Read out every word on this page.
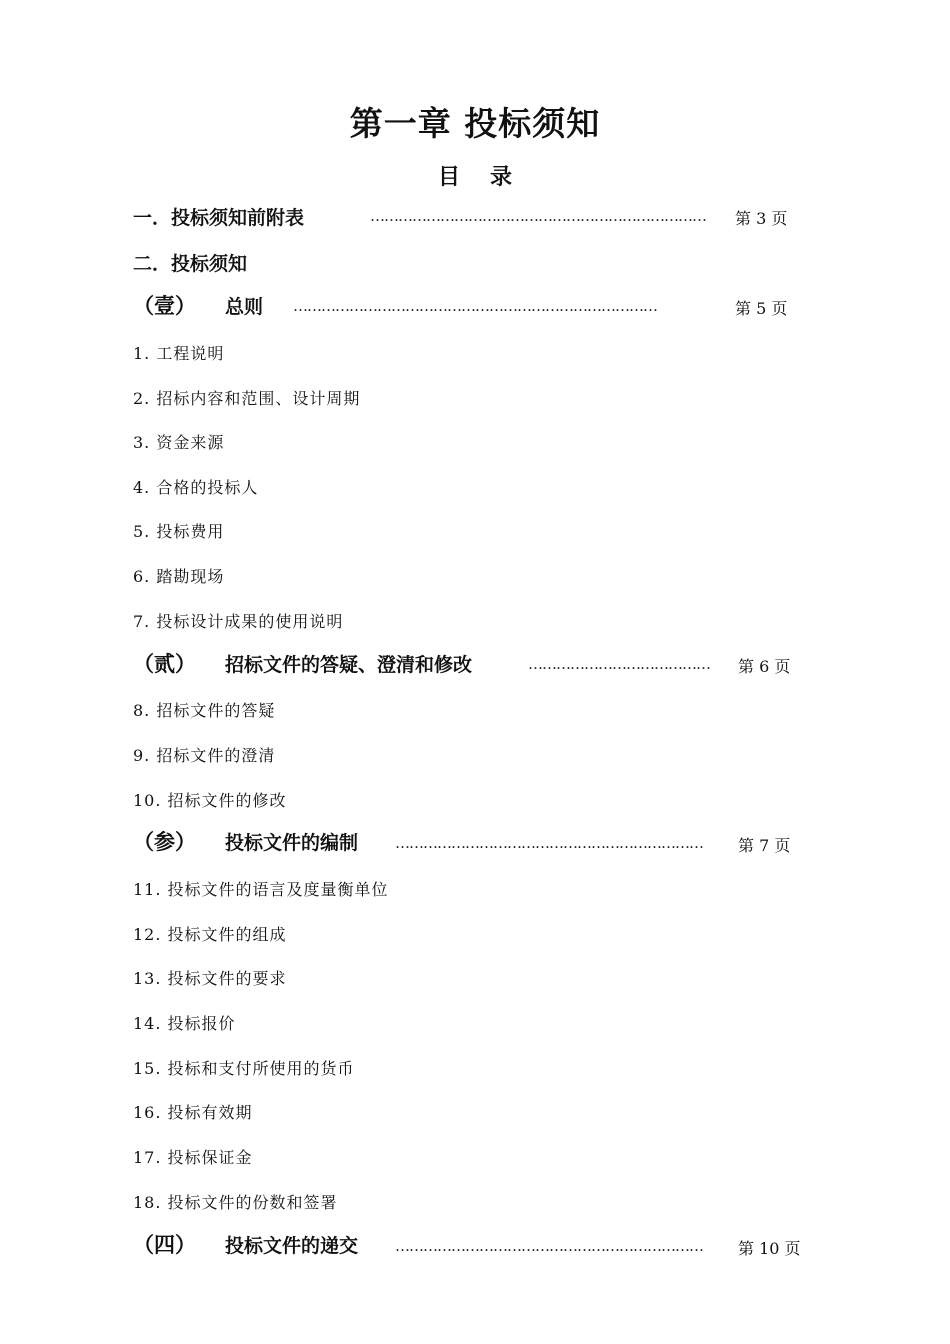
第一章 投标须知
目 录
一．投标须知前附表	………………………………………………………………	第 3 页
二．投标须知
（壹） 总则 ……………………………………………………………………	第 5 页
1. 工程说明
2. 招标内容和范围、设计周期
3. 资金来源
4. 合格的投标人
5. 投标费用
6. 踏勘现场
7. 投标设计成果的使用说明
（贰） 招标文件的答疑、澄清和修改	…………………………………	第 6 页
8. 招标文件的答疑
9. 招标文件的澄清
10. 招标文件的修改
（参） 投标文件的编制 …………………………………………………………	第 7 页
11. 投标文件的语言及度量衡单位
12. 投标文件的组成
13. 投标文件的要求
14. 投标报价
15. 投标和支付所使用的货币
16. 投标有效期
17. 投标保证金
18. 投标文件的份数和签署
（四） 投标文件的递交 …………………………………………………………	第 10 页
